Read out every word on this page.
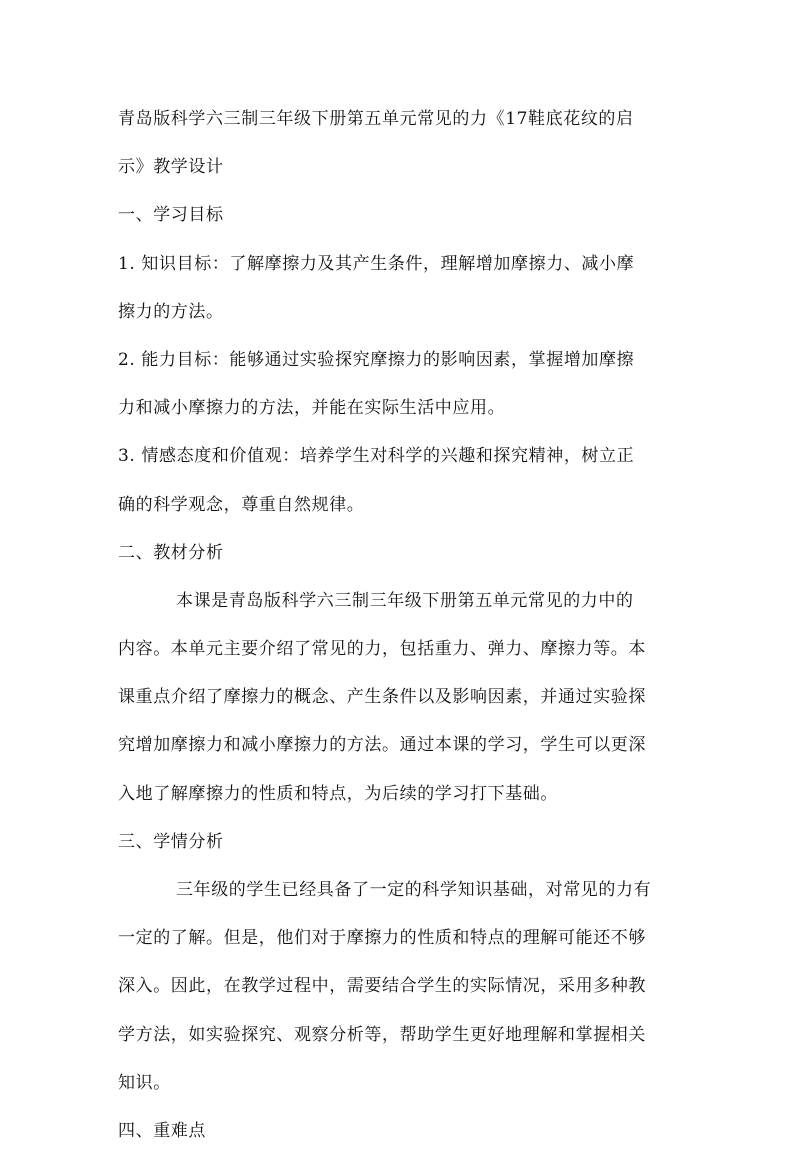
青岛版科学六三制三年级下册第五单元常见的力《17鞋底花纹的启
示》教学设计
一、学习目标
1. 知识目标：了解摩擦力及其产生条件，理解增加摩擦力、减小摩
擦力的方法。
2. 能力目标：能够通过实验探究摩擦力的影响因素，掌握增加摩擦
力和减小摩擦力的方法，并能在实际生活中应用。
3. 情感态度和价值观：培养学生对科学的兴趣和探究精神，树立正
确的科学观念，尊重自然规律。
二、教材分析
本课是青岛版科学六三制三年级下册第五单元常见的力中的
内容。本单元主要介绍了常见的力，包括重力、弹力、摩擦力等。本
课重点介绍了摩擦力的概念、产生条件以及影响因素，并通过实验探
究增加摩擦力和减小摩擦力的方法。通过本课的学习，学生可以更深
入地了解摩擦力的性质和特点，为后续的学习打下基础。
三、学情分析
三年级的学生已经具备了一定的科学知识基础，对常见的力有
一定的了解。但是，他们对于摩擦力的性质和特点的理解可能还不够
深入。因此，在教学过程中，需要结合学生的实际情况，采用多种教
学方法，如实验探究、观察分析等，帮助学生更好地理解和掌握相关
知识。
四、重难点
